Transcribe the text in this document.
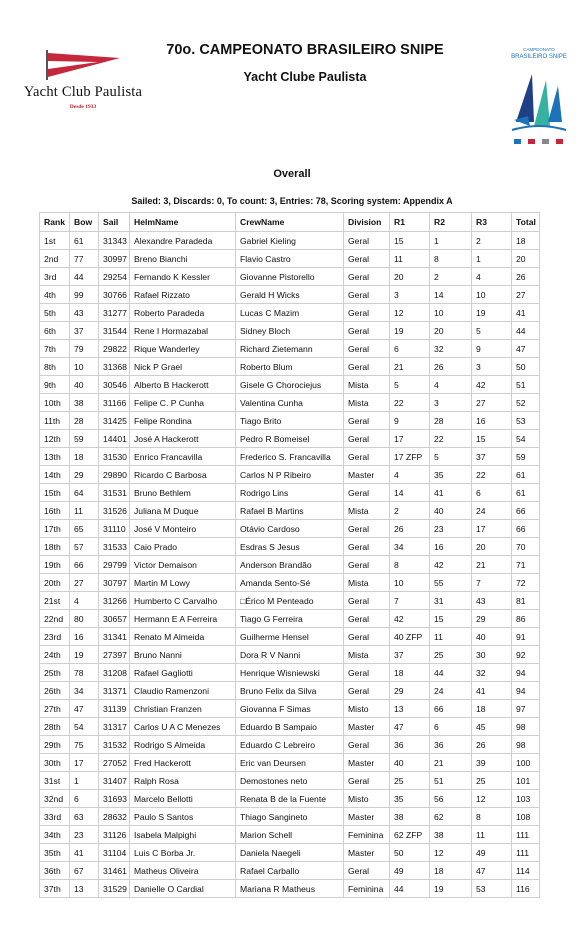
Yacht Club Paulista
Desde 1933
70o. CAMPEONATO BRASILEIRO SNIPE
Yacht Clube Paulista
CAMPEONATO
BRASILEIRO SNIPE
Overall
Sailed: 3, Discards: 0, To count: 3, Entries: 78, Scoring system: Appendix A
Rank	Bow	Sail	HelmName	CrewName	Division	R1	R2	R3	Total
1st	61	31343	Alexandre Paradeda	Gabriel Kieling	Geral	15	1	2	18
2nd	77	30997	Breno Bianchi	Flavio Castro	Geral	11	8	1	20
3rd	44	29254	Fernando K Kessler	Giovanne Pistorello	Geral	20	2	4	26
4th	99	30766	Rafael Rizzato	Gerald H Wicks	Geral	3	14	10	27
5th	43	31277	Roberto Paradeda	Lucas C Mazim	Geral	12	10	19	41
6th	37	31544	Rene I Hormazabal	Sidney Bloch	Geral	19	20	5	44
7th	79	29822	Rique Wanderley	Richard Zietemann	Geral	6	32	9	47
8th	10	31368	Nick P Grael	Roberto Blum	Geral	21	26	3	50
9th	40	30546	Alberto B Hackerott	Gisele G Chorociejus	Mista	5	4	42	51
10th	38	31166	Felipe C. P Cunha	Valentina Cunha	Mista	22	3	27	52
11th	28	31425	Felipe Rondina	Tiago Brito	Geral	9	28	16	53
12th	59	14401	José A Hackerott	Pedro R Bomeisel	Geral	17	22	15	54
13th	18	31530	Enrico Francavilla	Frederico S. Francavilla	Geral	17 ZFP	5	37	59
14th	29	29890	Ricardo C Barbosa	Carlos N P Ribeiro	Master	4	35	22	61
15th	64	31531	Bruno Bethlem	Rodrigo Lins	Geral	14	41	6	61
16th	11	31526	Juliana M Duque	Rafael B Martins	Mista	2	40	24	66
17th	65	31110	José V Monteiro	Otávio Cardoso	Geral	26	23	17	66
18th	57	31533	Caio Prado	Esdras S Jesus	Geral	34	16	20	70
19th	66	29799	Victor Demaison	Anderson Brandão	Geral	8	42	21	71
20th	27	30797	Martin M Lowy	Amanda Sento-Sé	Mista	10	55	7	72
21st	4	31266	Humberto C Carvalho	□Érico M Penteado	Geral	7	31	43	81
22nd	80	30657	Hermann E A Ferreira	Tiago G Ferreira	Geral	42	15	29	86
23rd	16	31341	Renato M Almeida	Guilherme Hensel	Geral	40 ZFP	11	40	91
24th	19	27397	Bruno Nanni	Dora R V Nanni	Mista	37	25	30	92
25th	78	31208	Rafael Gagliotti	Henrique Wisniewski	Geral	18	44	32	94
26th	34	31371	Claudio Ramenzoni	Bruno Felix da Silva	Geral	29	24	41	94
27th	47	31139	Christian Franzen	Giovanna F Simas	Misto	13	66	18	97
28th	54	31317	Carlos U A C Menezes	Eduardo B Sampaio	Master	47	6	45	98
29th	75	31532	Rodrigo S Almeida	Eduardo C Lebreiro	Geral	36	36	26	98
30th	17	27052	Fred Hackerott	Eric van Deursen	Master	40	21	39	100
31st	1	31407	Ralph Rosa	Demostones neto	Geral	25	51	25	101
32nd	6	31693	Marcelo Bellotti	Renata B de la Fuente	Misto	35	56	12	103
33rd	63	28632	Paulo S Santos	Thiago Sangineto	Master	38	62	8	108
34th	23	31126	Isabela Malpighi	Marion Schell	Feminina	62 ZFP	38	11	111
35th	41	31104	Luis C Borba Jr.	Daniela Naegeli	Master	50	12	49	111
36th	67	31461	Matheus Oliveira	Rafael Carballo	Geral	49	18	47	114
37th	13	31529	Danielle O Cardial	Mariana R Matheus	Feminina	44	19	53	116
